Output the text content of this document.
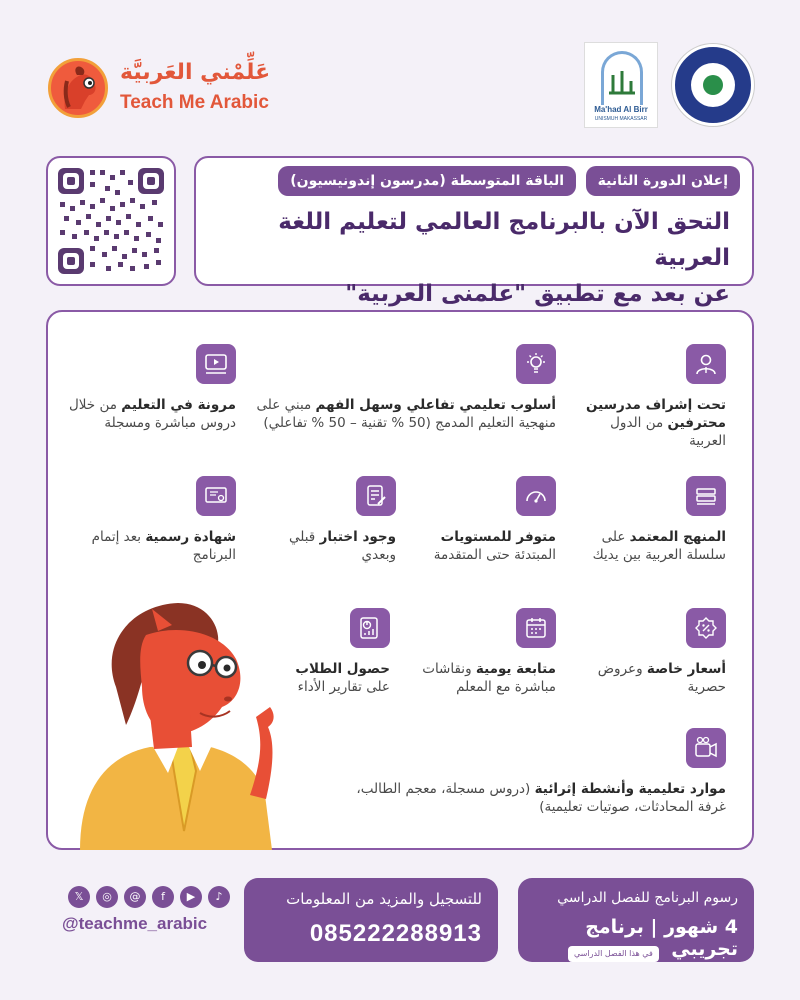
عَلِّمْني العَربيَّة
Teach Me Arabic	Ma'had Al Birr
UNISMUH MAKASSAR
إعلان الدورة الثانية
الباقة المتوسطة (مدرسون إندونيسيون)
التحق الآن بالبرنامج العالمي لتعليم اللغة العربية
عن بعد مع تطبيق "علمنى العربية"
تحت إشراف مدرسين محترفين من الدول العربية
أسلوب تعليمي تفاعلي وسهل الفهم مبني على منهجية التعليم المدمج (50 % تقنية – 50 % تفاعلي)
مرونة في التعليم من خلال دروس مباشرة ومسجلة
المنهج المعتمد على سلسلة العربية بين يديك
متوفر للمستويات المبتدئة حتى المتقدمة
وجود اختبار قبلي وبعدي
شهادة رسمية بعد إتمام البرنامج
أسعار خاصة وعروض حصرية
متابعة يومية ونقاشات مباشرة مع المعلم
حصول الطلاب على تقارير الأداء
موارد تعليمية وأنشطة إثرائية (دروس مسجلة، معجم الطالب، غرفة المحادثات، صوتيات تعليمية)
𝕏	◎	@	f	▶	♪
@teachme_arabic
للتسجيل والمزيد من المعلومات
085222288913
رسوم البرنامج للفصل الدراسي
4 شهور | برنامج تجريبي
في هذا الفصل الدراسي
